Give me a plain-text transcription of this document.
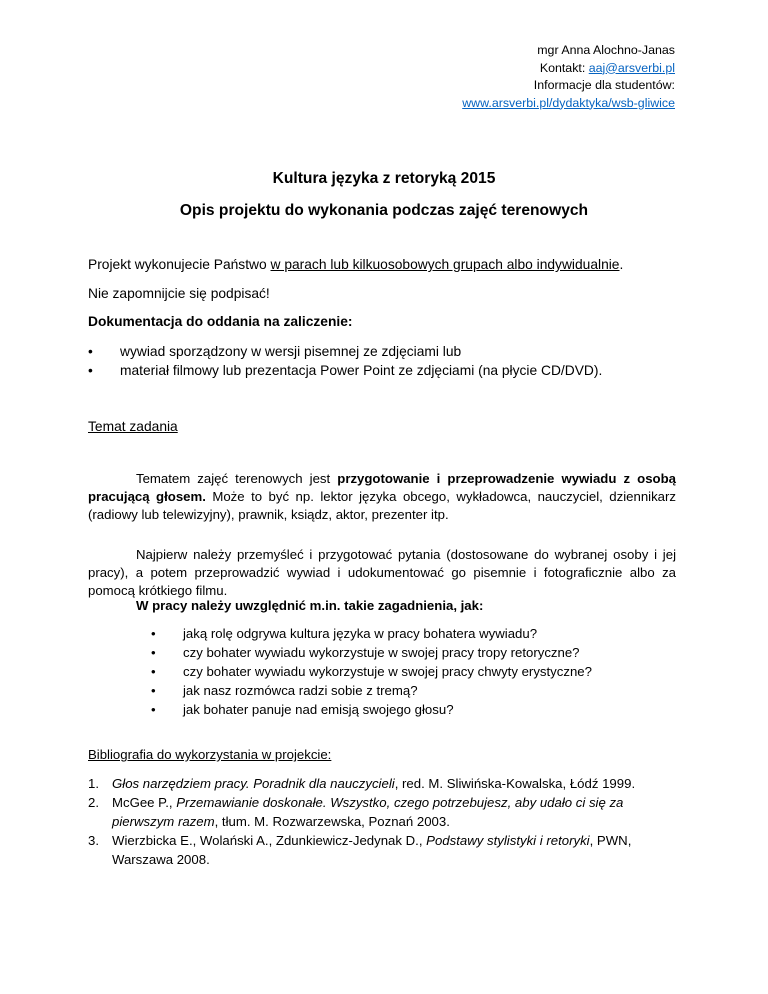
mgr Anna Alochno-Janas
Kontakt: aaj@arsverbi.pl
Informacje dla studentów:
www.arsverbi.pl/dydaktyka/wsb-gliwice
Kultura języka z retoryką 2015
Opis projektu do wykonania podczas zajęć terenowych
Projekt wykonujecie Państwo w parach lub kilkuosobowych grupach albo indywidualnie.
Nie zapomnijcie się podpisać!
Dokumentacja do oddania na zaliczenie:
• wywiad sporządzony w wersji pisemnej ze zdjęciami lub
• materiał filmowy lub prezentacja Power Point ze zdjęciami (na płycie CD/DVD).
Temat zadania
Tematem zajęć terenowych jest przygotowanie i przeprowadzenie wywiadu z osobą pracującą głosem. Może to być np. lektor języka obcego, wykładowca, nauczyciel, dziennikarz (radiowy lub telewizyjny), prawnik, ksiądz, aktor, prezenter itp.
Najpierw należy przemyśleć i przygotować pytania (dostosowane do wybranej osoby i jej pracy), a potem przeprowadzić wywiad i udokumentować go pisemnie i fotograficznie albo za pomocą krótkiego filmu.
W pracy należy uwzględnić m.in. takie zagadnienia, jak:
• jaką rolę odgrywa kultura języka w pracy bohatera wywiadu?
• czy bohater wywiadu wykorzystuje w swojej pracy tropy retoryczne?
• czy bohater wywiadu wykorzystuje w swojej pracy chwyty erystyczne?
• jak nasz rozmówca radzi sobie z tremą?
• jak bohater panuje nad emisją swojego głosu?
Bibliografia do wykorzystania w projekcie:
1. Głos narzędziem pracy. Poradnik dla nauczycieli, red. M. Sliwińska-Kowalska, Łódź 1999.
2. McGee P., Przemawianie doskonałe. Wszystko, czego potrzebujesz, aby udało ci się za pierwszym razem, tłum. M. Rozwarzewska, Poznań 2003.
3. Wierzbicka E., Wolański A., Zdunkiewicz-Jedynak D., Podstawy stylistyki i retoryki, PWN, Warszawa 2008.
